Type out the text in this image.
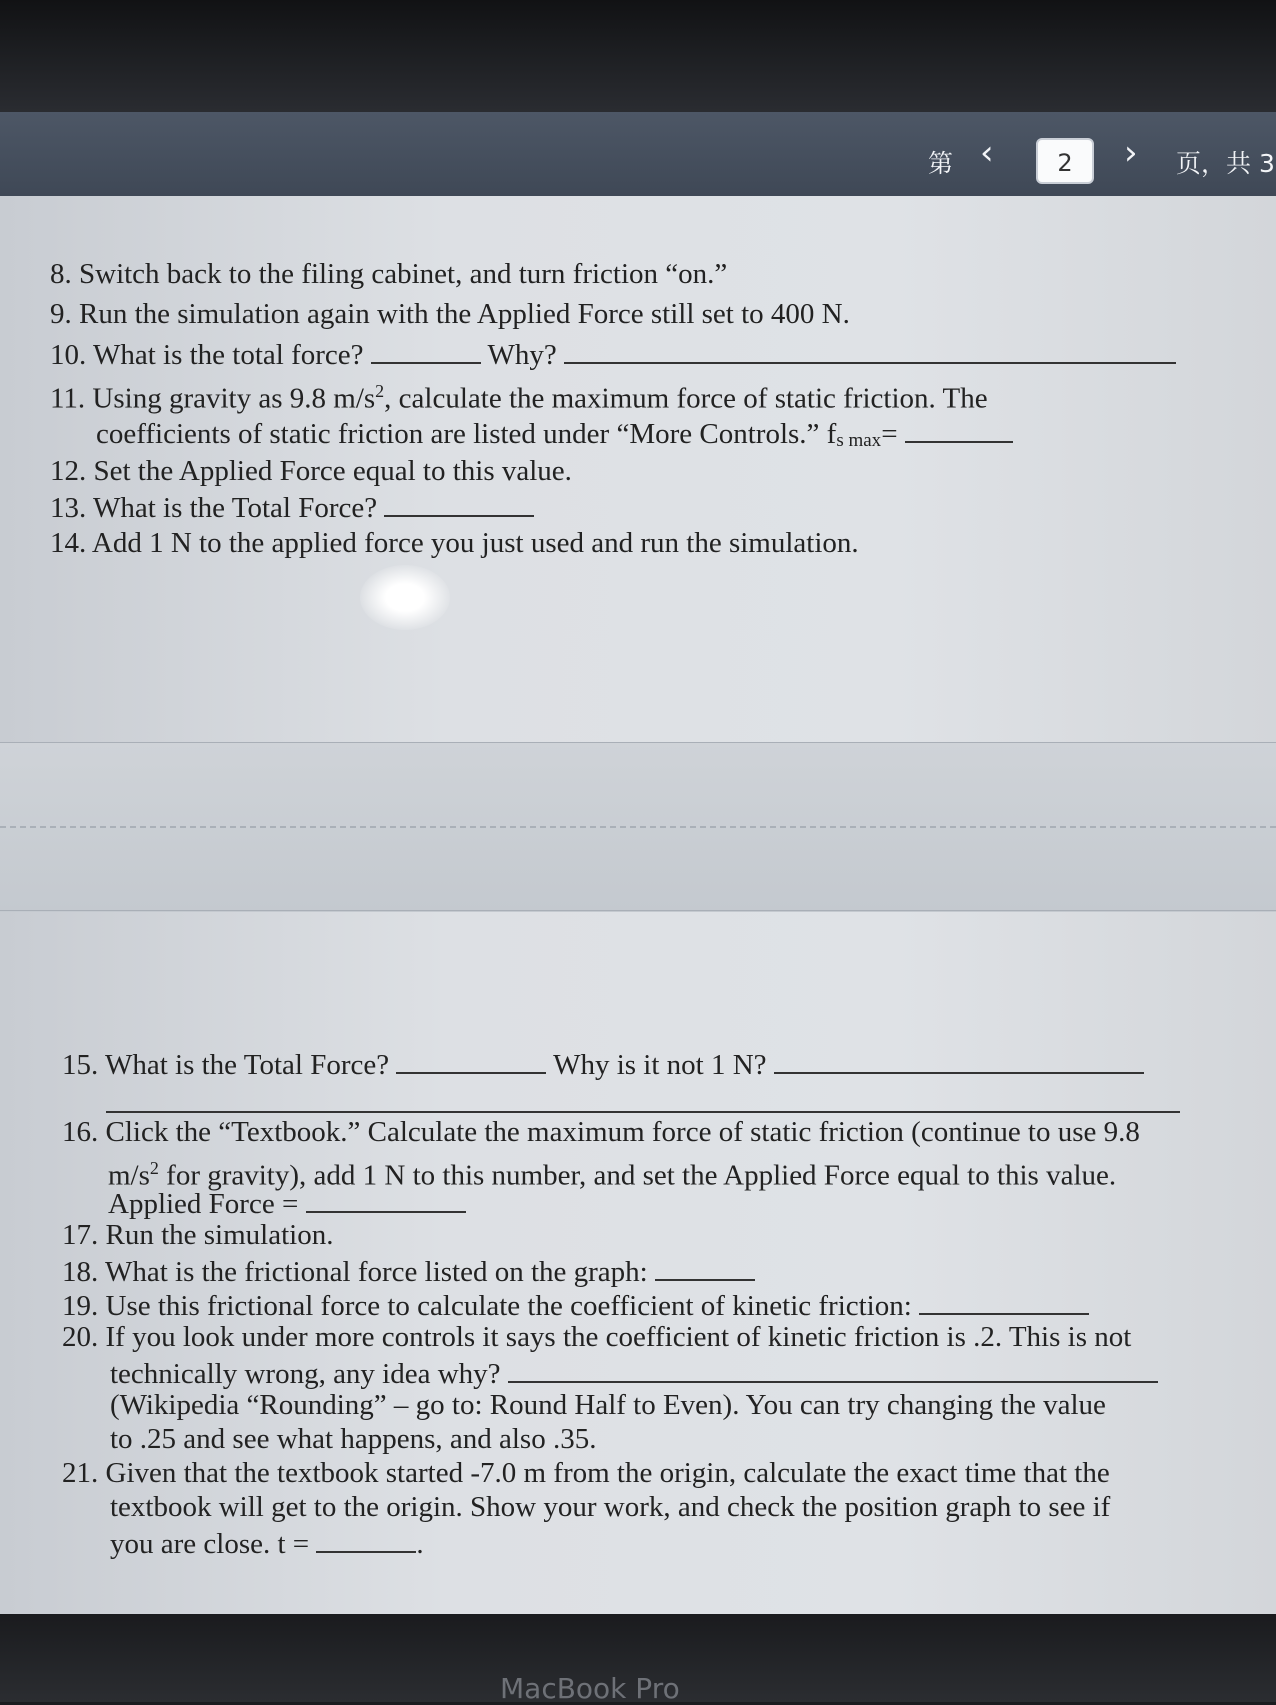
第 ‹	2	› 页，共 3
8. Switch back to the filing cabinet, and turn friction “on.”
9. Run the simulation again with the Applied Force still set to 400 N.
10. What is the total force?	Why?
11. Using gravity as 9.8 $m/s^2$, calculate the maximum force of static friction. The
coefficients of static friction are listed under “More Controls.” $f_{s max}=$
12. Set the Applied Force equal to this value.
13. What is the Total Force?
14. Add 1 N to the applied force you just used and run the simulation.
15. What is the Total Force?	Why is it not 1 N?
16. Click the “Textbook.” Calculate the maximum force of static friction (continue to use 9.8
$m/s^2$ for gravity), add 1 N to this number, and set the Applied Force equal to this value.
Applied Force =
17. Run the simulation.
18. What is the frictional force listed on the graph:
19. Use this frictional force to calculate the coefficient of kinetic friction:
20. If you look under more controls it says the coefficient of kinetic friction is .2. This is not
technically wrong, any idea why?
(Wikipedia “Rounding” – go to: Round Half to Even). You can try changing the value
to .25 and see what happens, and also .35.
21. Given that the textbook started -7.0 m from the origin, calculate the exact time that the
textbook will get to the origin. Show your work, and check the position graph to see if
you are close. t =	.
MacBook Pro
